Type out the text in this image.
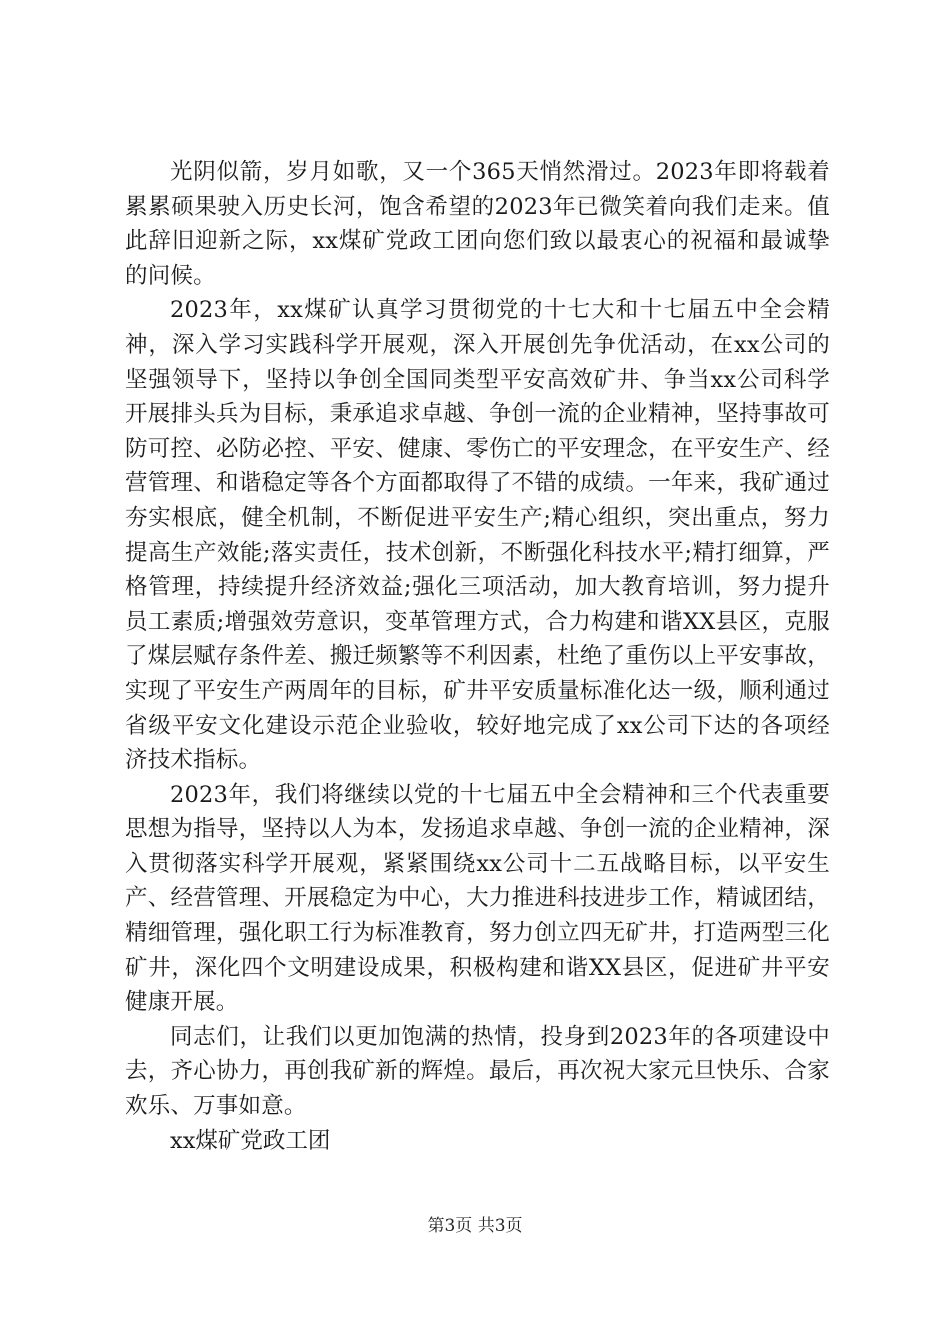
光阴似箭，岁月如歌，又一个365天悄然滑过。2023年即将载着累累硕果驶入历史长河，饱含希望的2023年已微笑着向我们走来。值此辞旧迎新之际，xx煤矿党政工团向您们致以最衷心的祝福和最诚挚的问候。

2023年，xx煤矿认真学习贯彻党的十七大和十七届五中全会精神，深入学习实践科学开展观，深入开展创先争优活动，在xx公司的坚强领导下，坚持以争创全国同类型平安高效矿井、争当xx公司科学开展排头兵为目标，秉承追求卓越、争创一流的企业精神，坚持事故可防可控、必防必控、平安、健康、零伤亡的平安理念，在平安生产、经营管理、和谐稳定等各个方面都取得了不错的成绩。一年来，我矿通过夯实根底，健全机制，不断促进平安生产;精心组织，突出重点，努力提高生产效能;落实责任，技术创新，不断强化科技水平;精打细算，严格管理，持续提升经济效益;强化三项活动，加大教育培训，努力提升员工素质;增强效劳意识，变革管理方式，合力构建和谐XX县区，克服了煤层赋存条件差、搬迁频繁等不利因素，杜绝了重伤以上平安事故，实现了平安生产两周年的目标，矿井平安质量标准化达一级，顺利通过省级平安文化建设示范企业验收，较好地完成了xx公司下达的各项经济技术指标。

2023年，我们将继续以党的十七届五中全会精神和三个代表重要思想为指导，坚持以人为本，发扬追求卓越、争创一流的企业精神，深入贯彻落实科学开展观，紧紧围绕xx公司十二五战略目标，以平安生产、经营管理、开展稳定为中心，大力推进科技进步工作，精诚团结，精细管理，强化职工行为标准教育，努力创立四无矿井，打造两型三化矿井，深化四个文明建设成果，积极构建和谐XX县区，促进矿井平安健康开展。

同志们，让我们以更加饱满的热情，投身到2023年的各项建设中去，齐心协力，再创我矿新的辉煌。最后，再次祝大家元旦快乐、合家欢乐、万事如意。

xx煤矿党政工团

第3页 共3页
